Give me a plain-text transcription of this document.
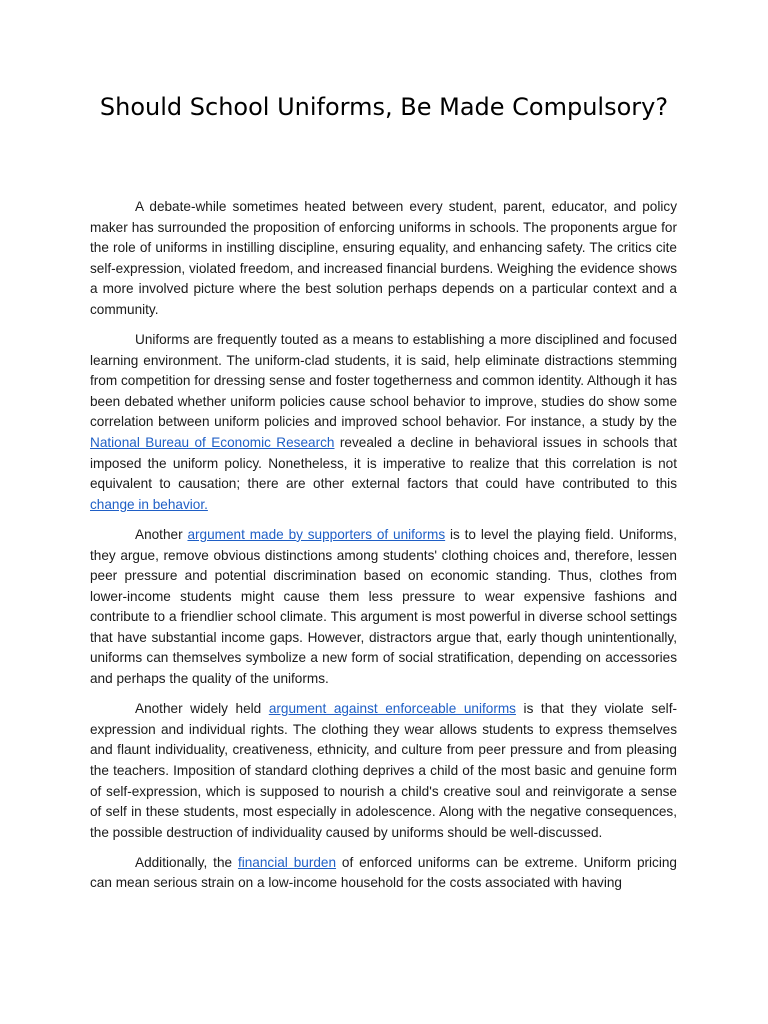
Should School Uniforms, Be Made Compulsory?

A debate-while sometimes heated between every student, parent, educator, and policy maker has surrounded the proposition of enforcing uniforms in schools. The proponents argue for the role of uniforms in instilling discipline, ensuring equality, and enhancing safety. The critics cite self-expression, violated freedom, and increased financial burdens. Weighing the evidence shows a more involved picture where the best solution perhaps depends on a particular context and a community.

Uniforms are frequently touted as a means to establishing a more disciplined and focused learning environment. The uniform-clad students, it is said, help eliminate distractions stemming from competition for dressing sense and foster togetherness and common identity. Although it has been debated whether uniform policies cause school behavior to improve, studies do show some correlation between uniform policies and improved school behavior. For instance, a study by the National Bureau of Economic Research revealed a decline in behavioral issues in schools that imposed the uniform policy. Nonetheless, it is imperative to realize that this correlation is not equivalent to causation; there are other external factors that could have contributed to this change in behavior.

Another argument made by supporters of uniforms is to level the playing field. Uniforms, they argue, remove obvious distinctions among students' clothing choices and, therefore, lessen peer pressure and potential discrimination based on economic standing. Thus, clothes from lower-income students might cause them less pressure to wear expensive fashions and contribute to a friendlier school climate. This argument is most powerful in diverse school settings that have substantial income gaps. However, distractors argue that, early though unintentionally, uniforms can themselves symbolize a new form of social stratification, depending on accessories and perhaps the quality of the uniforms.

Another widely held argument against enforceable uniforms is that they violate self-expression and individual rights. The clothing they wear allows students to express themselves and flaunt individuality, creativeness, ethnicity, and culture from peer pressure and from pleasing the teachers. Imposition of standard clothing deprives a child of the most basic and genuine form of self-expression, which is supposed to nourish a child's creative soul and reinvigorate a sense of self in these students, most especially in adolescence. Along with the negative consequences, the possible destruction of individuality caused by uniforms should be well-discussed.

Additionally, the financial burden of enforced uniforms can be extreme. Uniform pricing can mean serious strain on a low-income household for the costs associated with having
